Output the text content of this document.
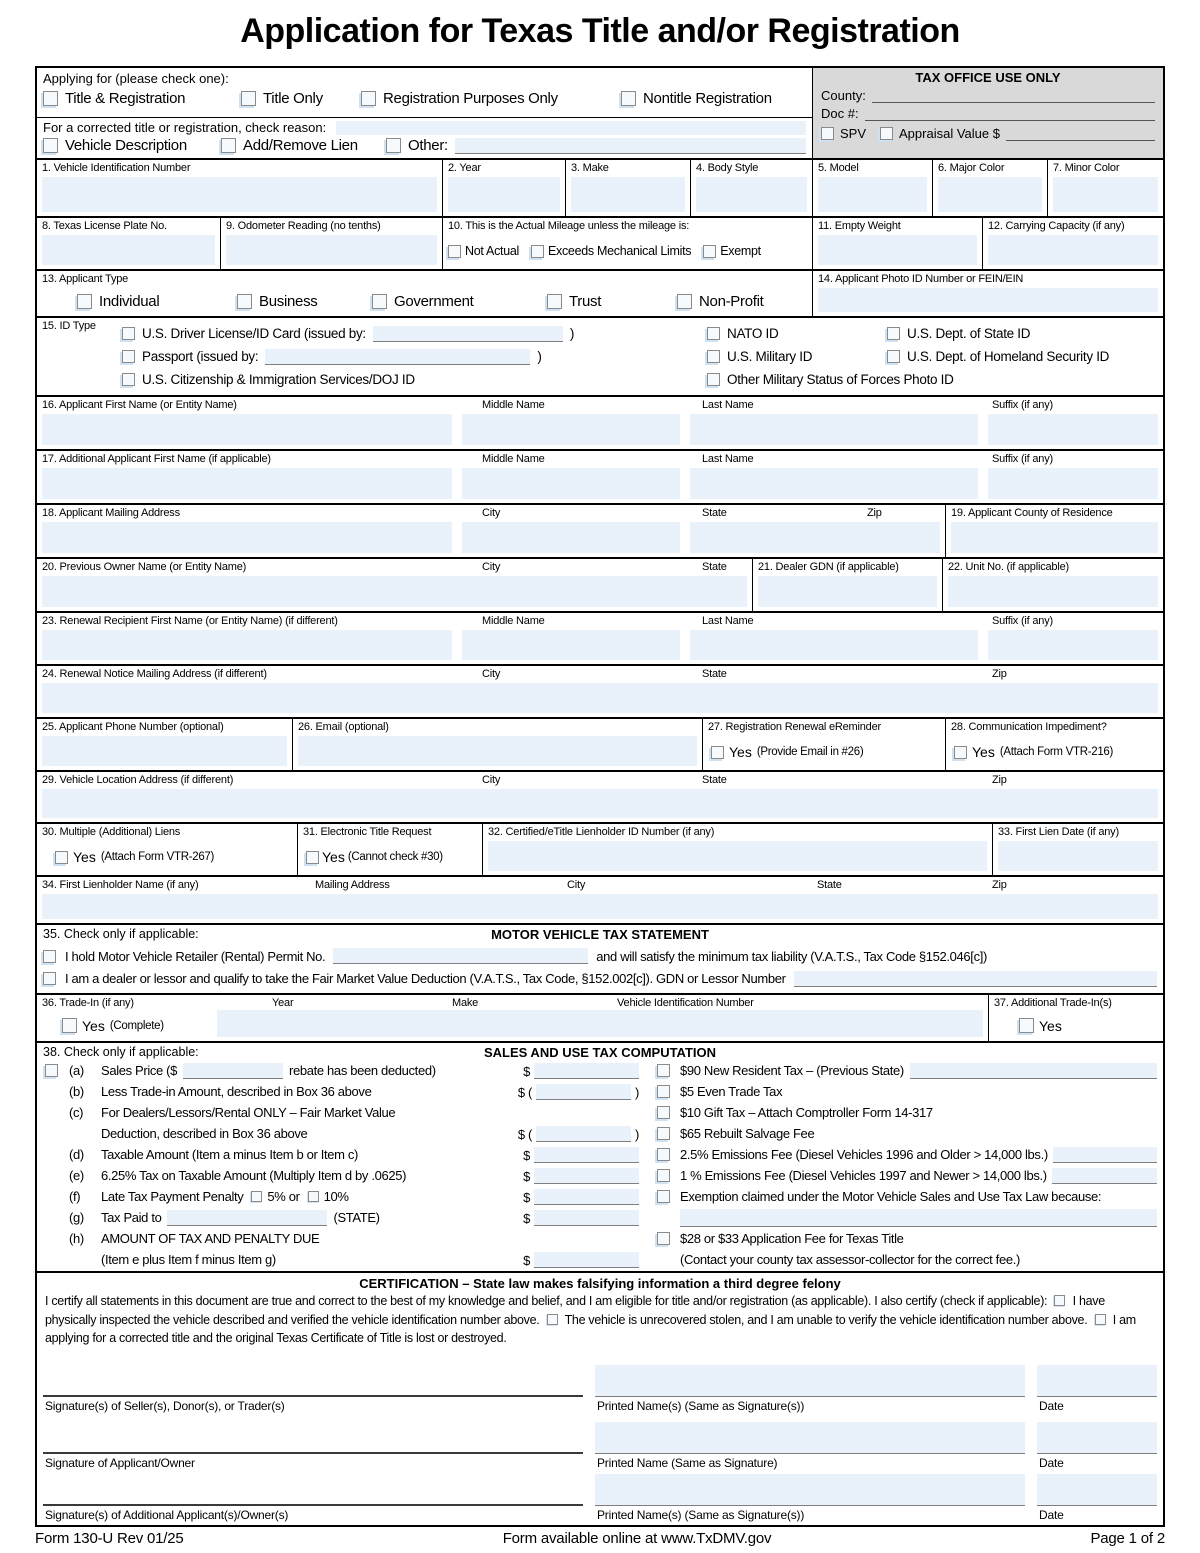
Application for Texas Title and/or Registration
Applying for (please check one):
Title & Registration	Title Only	Registration Purposes Only	Nontitle Registration
For a corrected title or registration, check reason:
Vehicle Description	Add/Remove Lien	Other:
TAX OFFICE USE ONLY
County:
Doc #:
SPV	Appraisal Value $
1. Vehicle Identification Number	2. Year	3. Make	4. Body Style	5. Model	6. Major Color	7. Minor Color
8. Texas License Plate No.	9. Odometer Reading (no tenths)	10. This is the Actual Mileage unless the mileage is:
Not Actual Exceeds Mechanical Limits Exempt
11. Empty Weight	12. Carrying Capacity (if any)
13. Applicant Type
Individual	Business	Government	Trust	Non-Profit
14. Applicant Photo ID Number or FEIN/EIN
15. ID Type
U.S. Driver License/ID Card (issued by:	)	NATO ID	U.S. Dept. of State ID
Passport (issued by:	)	U.S. Military ID	U.S. Dept. of Homeland Security ID
U.S. Citizenship & Immigration Services/DOJ ID	Other Military Status of Forces Photo ID
16. Applicant First Name (or Entity Name)	Middle Name	Last Name	Suffix (if any)
17. Additional Applicant First Name (if applicable)	Middle Name	Last Name	Suffix (if any)
18. Applicant Mailing Address	City	State	Zip	19. Applicant County of Residence
20. Previous Owner Name (or Entity Name)	City	State	21. Dealer GDN (if applicable)	22. Unit No. (if applicable)
23. Renewal Recipient First Name (or Entity Name) (if different)	Middle Name	Last Name	Suffix (if any)
24. Renewal Notice Mailing Address (if different)	City	State	Zip
25. Applicant Phone Number (optional)	26. Email (optional)	27. Registration Renewal eReminder
Yes (Provide Email in #26)
28. Communication Impediment?
Yes (Attach Form VTR-216)
29. Vehicle Location Address (if different)	City	State	Zip
30. Multiple (Additional) Liens
Yes (Attach Form VTR-267)
31. Electronic Title Request
Yes (Cannot check #30)
32. Certified/eTitle Lienholder ID Number (if any)	33. First Lien Date (if any)
34. First Lienholder Name (if any)	Mailing Address	City	State	Zip
35. Check only if applicable:	MOTOR VEHICLE TAX STATEMENT
I hold Motor Vehicle Retailer (Rental) Permit No.	and will satisfy the minimum tax liability (V.A.T.S., Tax Code §152.046[c])
I am a dealer or lessor and qualify to take the Fair Market Value Deduction (V.A.T.S., Tax Code, §152.002[c]). GDN or Lessor Number
36. Trade-In (if any)	Year	Make	Vehicle Identification Number
Yes (Complete)
37. Additional Trade-In(s)
Yes
38. Check only if applicable:	SALES AND USE TAX COMPUTATION
(a)	Sales Price ($	rebate has been deducted)	$
(b)	Less Trade-in Amount, described in Box 36 above	$ (	)
(c)	For Dealers/Lessors/Rental ONLY – Fair Market Value
Deduction, described in Box 36 above	$ (	)
(d)	Taxable Amount (Item a minus Item b or Item c)	$
(e)	6.25% Tax on Taxable Amount (Multiply Item d by .0625)	$
(f)	Late Tax Payment Penalty 5% or 10%	$
(g)	Tax Paid to	(STATE)	$
(h)	AMOUNT OF TAX AND PENALTY DUE
(Item e plus Item f minus Item g)	$
$90 New Resident Tax – (Previous State)
$5 Even Trade Tax
$10 Gift Tax – Attach Comptroller Form 14-317
$65 Rebuilt Salvage Fee
2.5% Emissions Fee (Diesel Vehicles 1996 and Older > 14,000 lbs.)
1 % Emissions Fee (Diesel Vehicles 1997 and Newer > 14,000 lbs.)
Exemption claimed under the Motor Vehicle Sales and Use Tax Law because:
$28 or $33 Application Fee for Texas Title
(Contact your county tax assessor-collector for the correct fee.)
CERTIFICATION – State law makes falsifying information a third degree felony
I certify all statements in this document are true and correct to the best of my knowledge and belief, and I am eligible for title and/or registration (as applicable). I also certify (check if applicable): I have physically inspected the vehicle described and verified the vehicle identification number above. The vehicle is unrecovered stolen, and I am unable to verify the vehicle identification number above. I am applying for a corrected title and the original Texas Certificate of Title is lost or destroyed.
Signature(s) of Seller(s), Donor(s), or Trader(s)	Printed Name(s) (Same as Signature(s))	Date
Signature of Applicant/Owner	Printed Name (Same as Signature)	Date
Signature(s) of Additional Applicant(s)/Owner(s)	Printed Name(s) (Same as Signature(s))	Date
Form 130-U Rev 01/25	Form available online at www.TxDMV.gov	Page 1 of 2
